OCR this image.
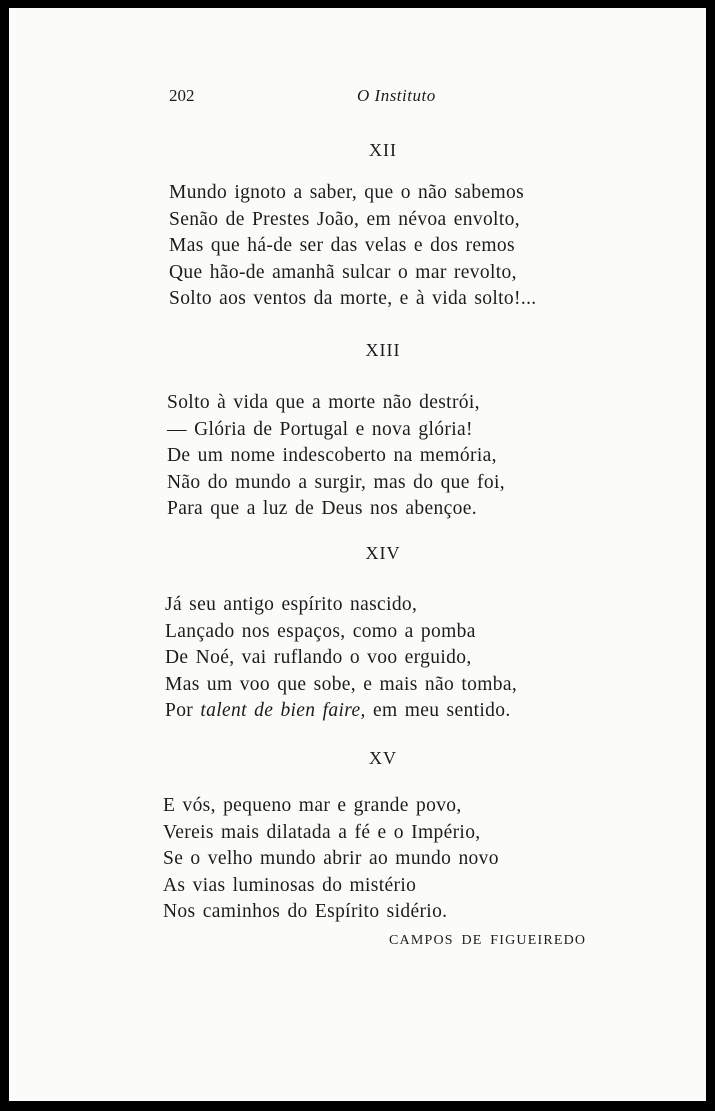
202	O Instituto
XII
Mundo ignoto a saber, que o não sabemos
Senão de Prestes João, em névoa envolto,
Mas que há-de ser das velas e dos remos
Que hão-de amanhã sulcar o mar revolto,
Solto aos ventos da morte, e à vida solto!...
XIII
Solto à vida que a morte não destrói,
— Glória de Portugal e nova glória!
De um nome indescoberto na memória,
Não do mundo a surgir, mas do que foi,
Para que a luz de Deus nos abençoe.
XIV
Já seu antigo espírito nascido,
Lançado nos espaços, como a pomba
De Noé, vai ruflando o voo erguido,
Mas um voo que sobe, e mais não tomba,
Por talent de bien faire, em meu sentido.
XV
E vós, pequeno mar e grande povo,
Vereis mais dilatada a fé e o Império,
Se o velho mundo abrir ao mundo novo
As vias luminosas do mistério
Nos caminhos do Espírito sidério.
CAMPOS DE FIGUEIREDO
